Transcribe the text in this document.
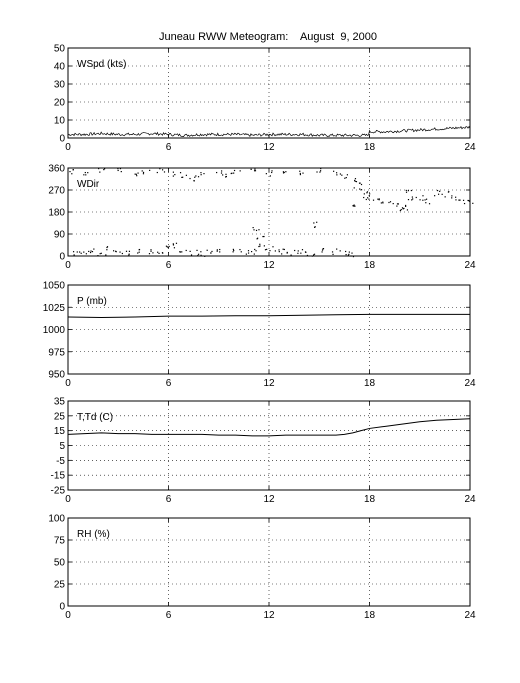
Juneau RWW Meteogram:    August  9, 2000
0
10
20
30
40
50
0	6	12	18	24
WSpd (kts)
0
90
180
270
360
0	6	12	18	24
WDir
950
975
1000
1025
1050
0	6	12	18	24
P (mb)
-25
-15
-5
5
15
25
35
0	6	12	18	24
T,Td (C)
0
25
50
75
100
0	6	12	18	24
RH (%)
